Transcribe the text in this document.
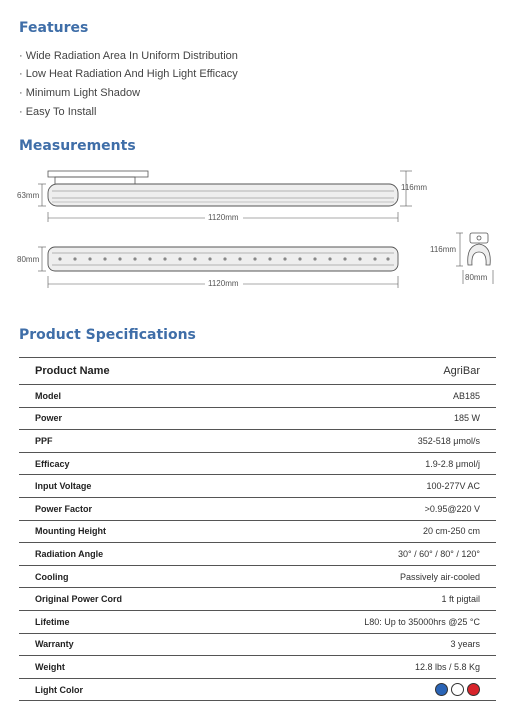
Features
· Wide Radiation Area In Uniform Distribution
· Low Heat Radiation And High Light Efficacy
· Minimum Light Shadow
· Easy To Install
Measurements
63mm
116mm
1120mm
80mm
1120mm
116mm
80mm
Product Specifications
Product Name	AgriBar
Model	AB185
Power	185 W
PPF	352-518 μmol/s
Efficacy	1.9-2.8 μmol/j
Input Voltage	100-277V AC
Power Factor	>0.95@220 V
Mounting Height	20 cm-250 cm
Radiation Angle	30° / 60° / 80° / 120°
Cooling	Passively air-cooled
Original Power Cord	1 ft pigtail
Lifetime	L80: Up to 35000hrs @25 °C
Warranty	3 years
Weight	12.8 lbs / 5.8 Kg
Light Color	
